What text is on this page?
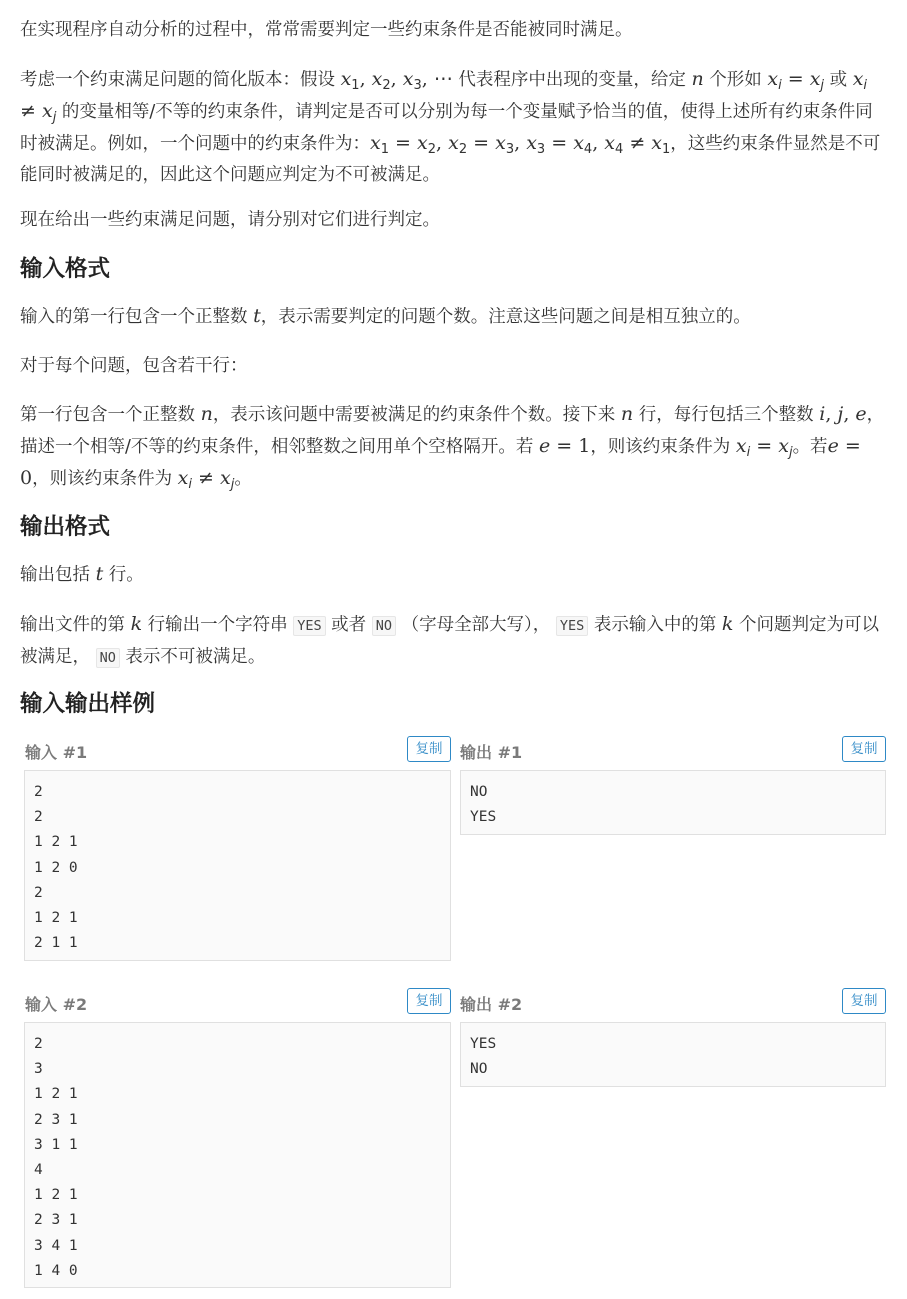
在实现程序自动分析的过程中，常常需要判定一些约束条件是否能被同时满足。

考虑一个约束满足问题的简化版本：假设 $x_1$, $x_2$, $x_3$, ⋯ 代表程序中出现的变量，给定 n 个形如 $x_i = x_j$ 或 $x_i \ne x_j$ 的变量相等/不等的约束条件，请判定是否可以分别为每一个变量赋予恰当的值，使得上述所有约束条件同时被满足。例如，一个问题中的约束条件为：$x_1 = x_2$, $x_2 = x_3$, $x_3 = x_4$, $x_4 \ne x_1$，这些约束条件显然是不可能同时被满足的，因此这个问题应判定为不可被满足。

现在给出一些约束满足问题，请分别对它们进行判定。

输入格式

输入的第一行包含一个正整数 t，表示需要判定的问题个数。注意这些问题之间是相互独立的。

对于每个问题，包含若干行：

第一行包含一个正整数 n，表示该问题中需要被满足的约束条件个数。接下来 n 行，每行包括三个整数 i, j, e，描述一个相等/不等的约束条件，相邻整数之间用单个空格隔开。若 e = 1，则该约束条件为 $x_i = x_j$。若e = 0，则该约束条件为 $x_i \ne x_j$。

输出格式

输出包括 t 行。

输出文件的第 k 行输出一个字符串 YES 或者 NO （字母全部大写）， YES 表示输入中的第 k 个问题判定为可以被满足， NO 表示不可被满足。

输入输出样例
输入 #1	复制
2
2
1 2 1
1 2 0
2
1 2 1
2 1 1
输出 #1	复制
NO
YES
输入 #2	复制
2
3
1 2 1
2 3 1
3 1 1
4
1 2 1
2 3 1
3 4 1
1 4 0
输出 #2	复制
YES
NO
